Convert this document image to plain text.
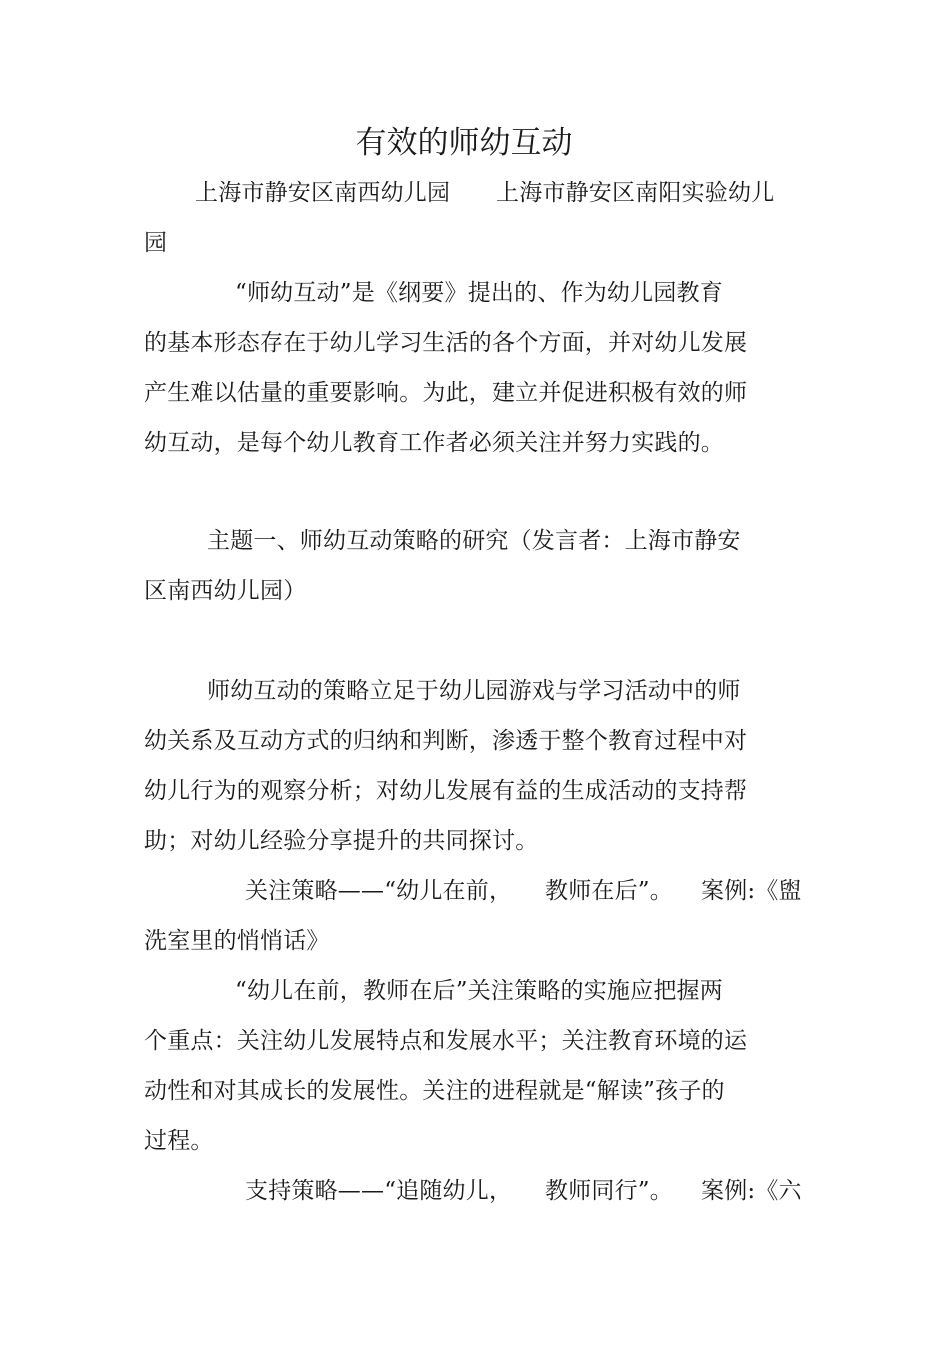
有效的师幼互动
上海市静安区南西幼儿园 上海市静安区南阳实验幼儿
园
“师幼互动”是《纲要》提出的、作为幼儿园教育
的基本形态存在于幼儿学习生活的各个方面，并对幼儿发展
产生难以估量的重要影响。为此，建立并促进积极有效的师
幼互动，是每个幼儿教育工作者必须关注并努力实践的。
主题一、师幼互动策略的研究（发言者：上海市静安
区南西幼儿园）
师幼互动的策略立足于幼儿园游戏与学习活动中的师
幼关系及互动方式的归纳和判断，渗透于整个教育过程中对
幼儿行为的观察分析；对幼儿发展有益的生成活动的支持帮
助；对幼儿经验分享提升的共同探讨。
关注策略——“幼儿在前， 教师在后”。 案例:《盥
洗室里的悄悄话》
“幼儿在前，教师在后”关注策略的实施应把握两
个重点：关注幼儿发展特点和发展水平；关注教育环境的运
动性和对其成长的发展性。关注的进程就是“解读”孩子的
过程。
支持策略——“追随幼儿， 教师同行”。 案例:《六
